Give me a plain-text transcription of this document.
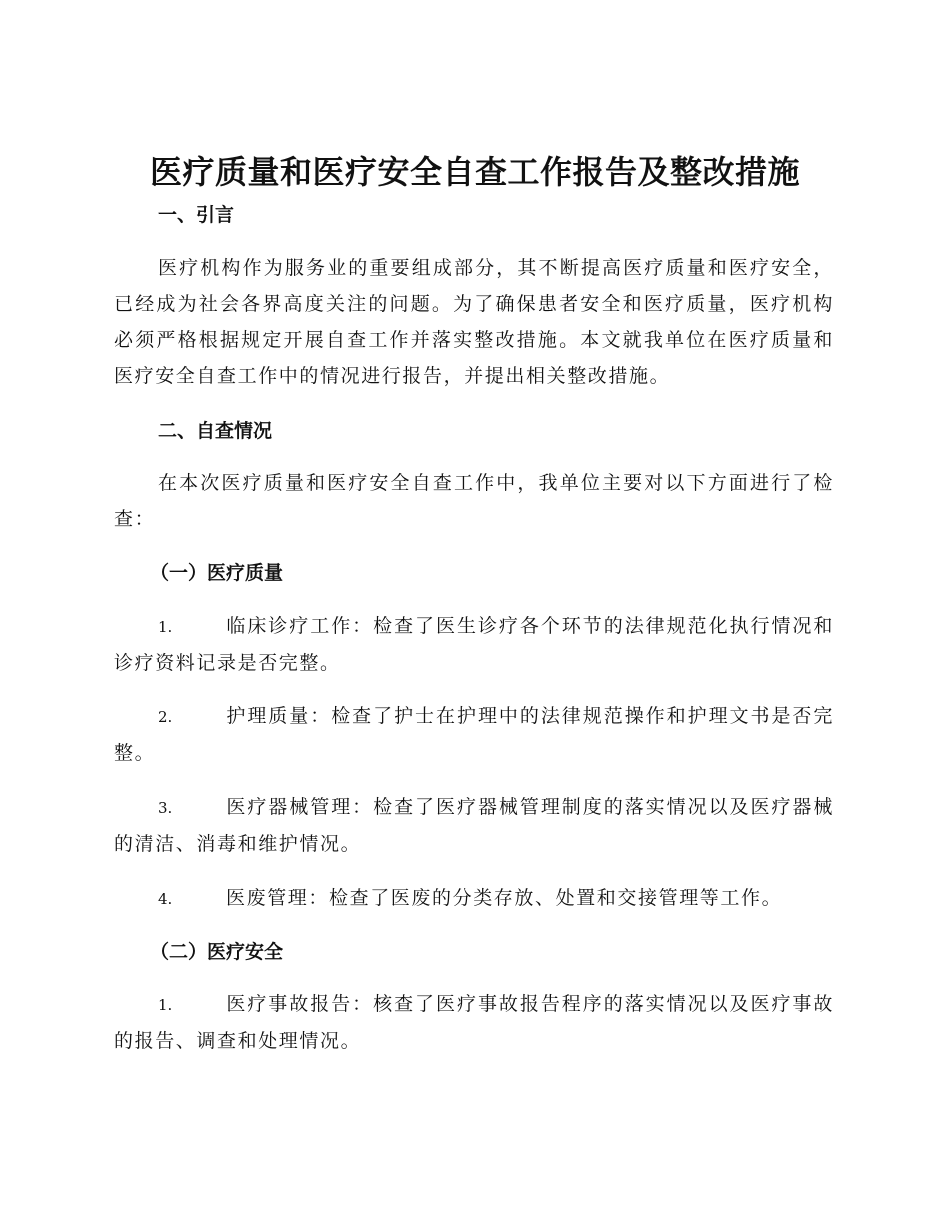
医疗质量和医疗安全自查工作报告及整改措施
一、引言
医疗机构作为服务业的重要组成部分，其不断提高医疗质量和医疗安全，已经成为社会各界高度关注的问题。为了确保患者安全和医疗质量，医疗机构必须严格根据规定开展自查工作并落实整改措施。本文就我单位在医疗质量和医疗安全自查工作中的情况进行报告，并提出相关整改措施。
二、自查情况
在本次医疗质量和医疗安全自查工作中，我单位主要对以下方面进行了检查：
（一）医疗质量
1.	临床诊疗工作：检查了医生诊疗各个环节的法律规范化执行情况和诊疗资料记录是否完整。
2.	护理质量：检查了护士在护理中的法律规范操作和护理文书是否完整。
3.	医疗器械管理：检查了医疗器械管理制度的落实情况以及医疗器械的清洁、消毒和维护情况。
4.	医废管理：检查了医废的分类存放、处置和交接管理等工作。
（二）医疗安全
1.	医疗事故报告：核查了医疗事故报告程序的落实情况以及医疗事故的报告、调查和处理情况。
